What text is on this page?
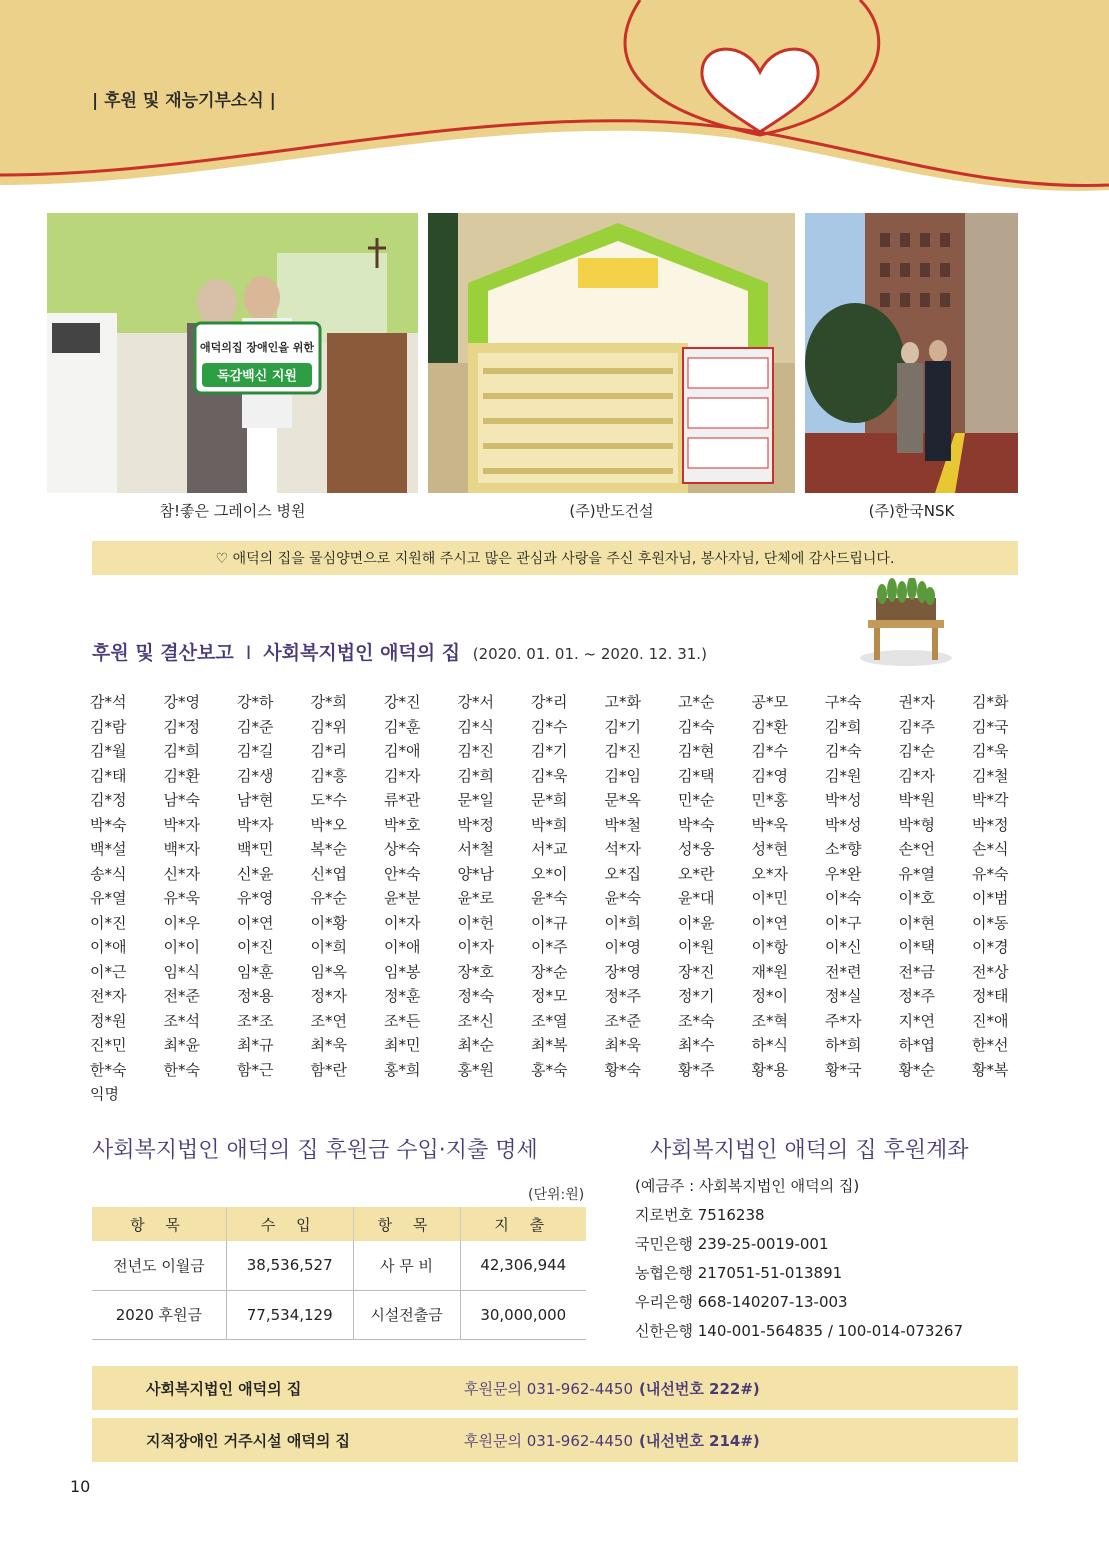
| 후원 및 재능기부소식 |
애덕의집 장애인을 위한
독감백신 지원
참!좋은 그레이스 병원	(주)반도건설	(주)한국NSK
♡ 애덕의 집을 물심양면으로 지원해 주시고 많은 관심과 사랑을 주신 후원자님, 봉사자님, 단체에 감사드립니다.
후원 및 결산보고 I 사회복지법인 애덕의 집 (2020. 01. 01. ~ 2020. 12. 31.)
감*석	강*영	강*하	강*희	강*진	강*서	강*리	고*화	고*순	공*모	구*숙	권*자	김*화
김*람	김*정	김*준	김*위	김*훈	김*식	김*수	김*기	김*숙	김*환	김*희	김*주	김*국
김*월	김*희	김*길	김*리	김*애	김*진	김*기	김*진	김*현	김*수	김*숙	김*순	김*욱
김*태	김*환	김*생	김*흥	김*자	김*희	김*욱	김*임	김*택	김*영	김*원	김*자	김*철
김*정	남*숙	남*현	도*수	류*관	문*일	문*희	문*옥	민*순	민*홍	박*성	박*원	박*각
박*숙	박*자	박*자	박*오	박*호	박*정	박*희	박*철	박*숙	박*욱	박*성	박*형	박*정
백*설	백*자	백*민	복*순	상*숙	서*철	서*교	석*자	성*웅	성*현	소*향	손*언	손*식
송*식	신*자	신*윤	신*엽	안*숙	양*남	오*이	오*집	오*란	오*자	우*완	유*열	유*숙
유*열	유*욱	유*영	유*순	윤*분	윤*로	윤*숙	윤*숙	윤*대	이*민	이*숙	이*호	이*범
이*진	이*우	이*연	이*황	이*자	이*헌	이*규	이*희	이*윤	이*연	이*구	이*현	이*동
이*애	이*이	이*진	이*희	이*애	이*자	이*주	이*영	이*원	이*항	이*신	이*택	이*경
이*근	임*식	임*훈	임*옥	임*봉	장*호	장*순	장*영	장*진	재*원	전*련	전*금	전*상
전*자	전*준	정*용	정*자	정*훈	정*숙	정*모	정*주	정*기	정*이	정*실	정*주	정*태
정*원	조*석	조*조	조*연	조*든	조*신	조*열	조*준	조*숙	조*혁	주*자	지*연	진*애
진*민	최*윤	최*규	최*욱	최*민	최*순	최*복	최*욱	최*수	하*식	하*희	하*엽	한*선
한*숙	한*숙	함*근	함*란	홍*희	홍*원	홍*숙	황*숙	황*주	황*용	황*국	황*순	황*복
익명
사회복지법인 애덕의 집 후원금 수입·지출 명세
(단위:원)
항 목	수 입	항 목	지 출
전년도 이월금	38,536,527	사 무 비	42,306,944
2020 후원금	77,534,129	시설전출금	30,000,000
사회복지법인 애덕의 집 후원계좌
(예금주 : 사회복지법인 애덕의 집)
지로번호 7516238
국민은행 239-25-0019-001
농협은행 217051-51-013891
우리은행 668-140207-13-003
신한은행 140-001-564835 / 100-014-073267
사회복지법인 애덕의 집	후원문의 031-962-4450 (내선번호 222#)
지적장애인 거주시설 애덕의 집	후원문의 031-962-4450 (내선번호 214#)
10
